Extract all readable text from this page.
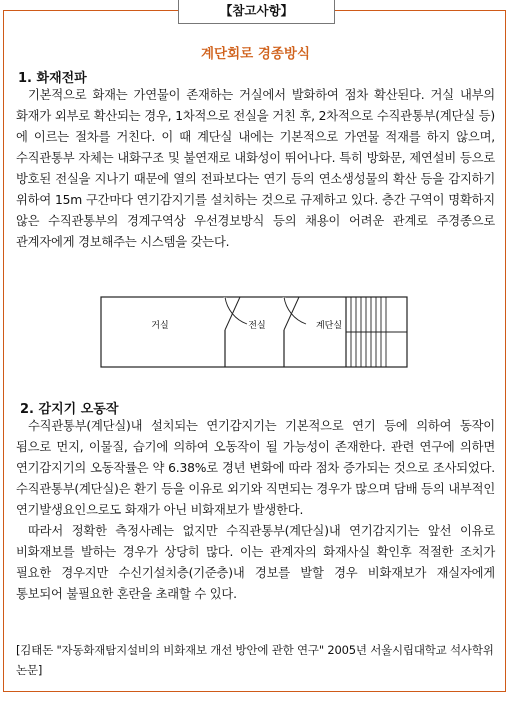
【참고사항】
계단회로 경종방식
1. 화재전파

기본적으로 화재는 가연물이 존재하는 거실에서 발화하여 점차 확산된다. 거실 내부의 화재가 외부로 확산되는 경우, 1차적으로 전실을 거친 후, 2차적으로 수직관통부(계단실 등)에 이르는 절차를 거친다. 이 때 계단실 내에는 기본적으로 가연물 적재를 하지 않으며, 수직관통부 자체는 내화구조 및 불연재로 내화성이 뛰어나다. 특히 방화문, 제연설비 등으로 방호된 전실을 지나기 때문에 열의 전파보다는 연기 등의 연소생성물의 확산 등을 감지하기 위하여 15m 구간마다 연기감지기를 설치하는 것으로 규제하고 있다. 층간 구역이 명확하지 않은 수직관통부의 경계구역상 우선경보방식 등의 채용이 어려운 관계로 주경종으로 관계자에게 경보해주는 시스템을 갖는다.

거실	전실	계단실
2. 감지기 오동작

수직관통부(계단실)내 설치되는 연기감지기는 기본적으로 연기 등에 의하여 동작이 됨으로 먼지, 이물질, 습기에 의하여 오동작이 될 가능성이 존재한다. 관련 연구에 의하면 연기감지기의 오동작률은 약 6.38%로 경년 변화에 따라 점차 증가되는 것으로 조사되었다. 수직관통부(계단실)은 환기 등을 이유로 외기와 직면되는 경우가 많으며 담배 등의 내부적인 연기발생요인으로도 화재가 아닌 비화재보가 발생한다.

따라서 정확한 측정사례는 없지만 수직관통부(계단실)내 연기감지기는 앞선 이유로 비화재보를 발하는 경우가 상당히 많다. 이는 관계자의 화재사실 확인후 적절한 조치가 필요한 경우지만 수신기설치층(기준층)내 경보를 발할 경우 비화재보가 재실자에게 통보되어 불필요한 혼란을 초래할 수 있다.

[김태돈 "자동화재탐지설비의 비화재보 개선 방안에 관한 연구" 2005년 서울시립대학교 석사학위논문]
